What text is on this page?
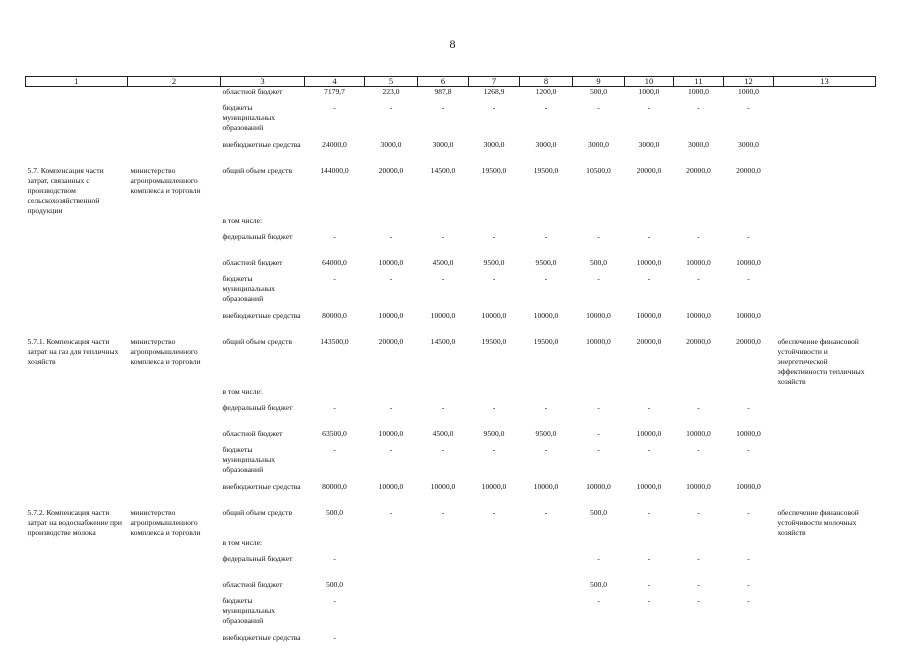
8
1	2	3	4	5	6	7	8	9	10	11	12	13
		областной бюджет	7179,7	223,0	987,8	1268,9	1200,0	500,0	1000,0	1000,0	1000,0	
		бюджеты муниципальных образований	-	-	-	-	-	-	-	-	-	
		внебюджетные средства	24000,0	3000,0	3000,0	3000,0	3000,0	3000,0	3000,0	3000,0	3000,0	
5.7. Компенсация части затрат, связанных с производством сельскохозяйственной продукции	министерство агропромышленного комплекса и торговли	общий объем средств	144000,0	20000,0	14500,0	19500,0	19500,0	10500,0	20000,0	20000,0	20000,0	
		в том числе:										
		федеральный бюджет	-	-	-	-	-	-	-	-	-	
		областной бюджет	64000,0	10000,0	4500,0	9500,0	9500,0	500,0	10000,0	10000,0	10000,0	
		бюджеты муниципальных образований	-	-	-	-	-	-	-	-	-	
		внебюджетные средства	80000,0	10000,0	10000,0	10000,0	10000,0	10000,0	10000,0	10000,0	10000,0	
5.7.1. Компенсация части затрат на газ для тепличных хозяйств	министерство агропромышленного комплекса и торговли	общий объем средств	143500,0	20000,0	14500,0	19500,0	19500,0	10000,0	20000,0	20000,0	20000,0	обеспечение финансовой устойчивости и энергетической эффективности тепличных хозяйств
		в том числе:										
		федеральный бюджет	-	-	-	-	-	-	-	-	-	
		областной бюджет	63500,0	10000,0	4500,0	9500,0	9500,0	-	10000,0	10000,0	10000,0	
		бюджеты муниципальных образований	-	-	-	-	-	-	-	-	-	
		внебюджетные средства	80000,0	10000,0	10000,0	10000,0	10000,0	10000,0	10000,0	10000,0	10000,0	
5.7.2. Компенсация части затрат на водоснабжение при производстве молока	министерство агропромышленного комплекса и торговли	общий объем средств	500,0	-	-	-	-	500,0	-	-	-	обеспечение финансовой устойчивости молочных хозяйств
		в том числе:										
		федеральный бюджет	-					-	-	-	-	
		областной бюджет	500,0					500,0	-	-	-	
		бюджеты муниципальных образований	-					-	-	-	-	
		внебюджетные средства	-									
